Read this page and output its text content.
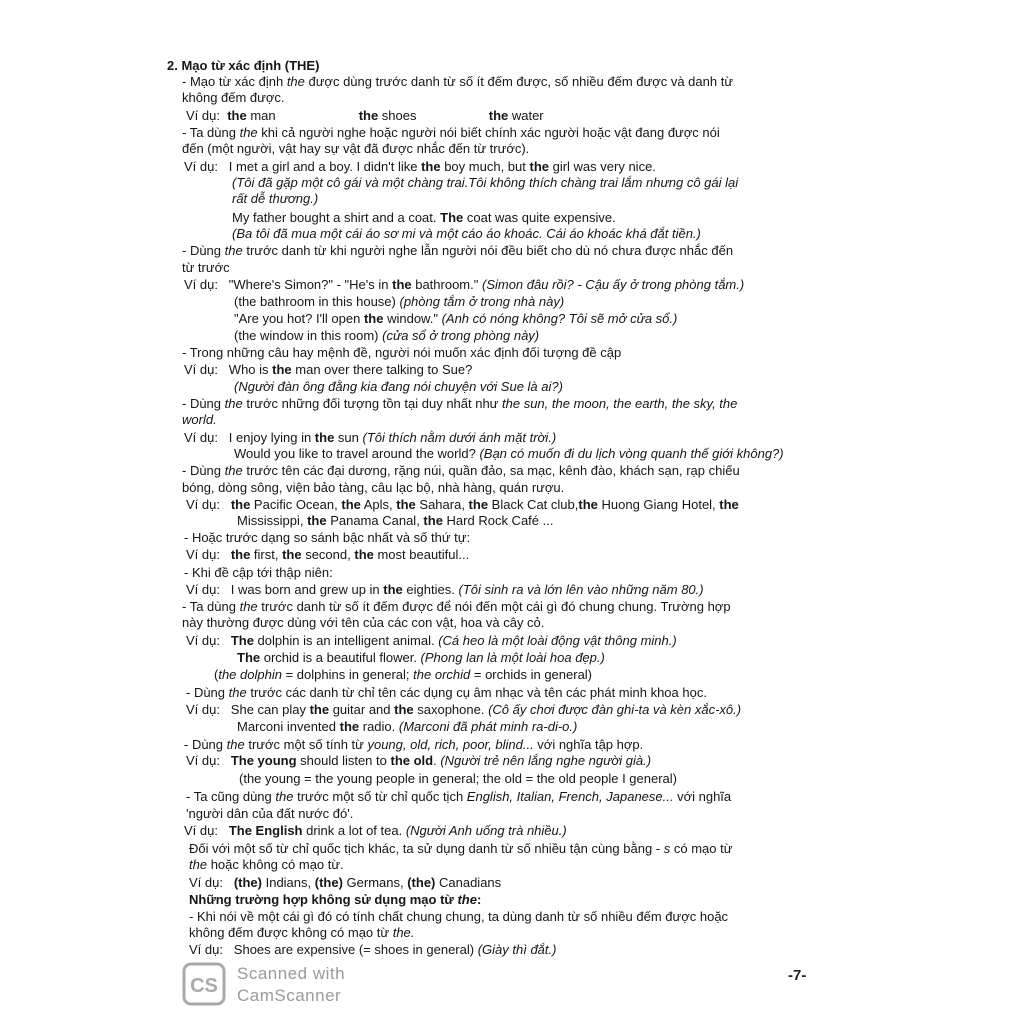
2. Mạo từ xác định (THE)
- Mạo từ xác định the được dùng trước danh từ số ít đếm được, số nhiều đếm được và danh từ
không đếm được.
Ví dụ:  the man                       the shoes                    the water
- Ta dùng the khi cả người nghe hoặc người nói biết chính xác người hoặc vật đang được nói
đến (một người, vật hay sự vật đã được nhắc đến từ trước).
Ví dụ:   I met a girl and a boy. I didn't like the boy much, but the girl was very nice.
(Tôi đã gặp một cô gái và một chàng trai.Tôi không thích chàng trai lắm nhưng cô gái lại
rất dễ thương.)
My father bought a shirt and a coat. The coat was quite expensive.
(Ba tôi đã mua một cái áo sơ mi và một cáo áo khoác. Cái áo khoác khá đắt tiền.)
- Dùng the trước danh từ khi người nghe lẫn người nói đều biết cho dù nó chưa được nhắc đến
từ trước
Ví dụ:   "Where's Simon?" - "He's in the bathroom." (Simon đâu rồi? - Cậu ấy ở trong phòng tắm.)
(the bathroom in this house) (phòng tắm ở trong nhà này)
"Are you hot? I'll open the window." (Anh có nóng không? Tôi sẽ mở cửa sổ.)
(the window in this room) (cửa sổ ở trong phòng này)
- Trong những câu hay mệnh đề, người nói muốn xác định đối tượng đề cập
Ví dụ:   Who is the man over there talking to Sue?
(Người đàn ông đằng kia đang nói chuyện với Sue là ai?)
- Dùng the trước những đối tượng tồn tại duy nhất như the sun, the moon, the earth, the sky, the
world.
Ví dụ:   I enjoy lying in the sun (Tôi thích nằm dưới ánh mặt trời.)
Would you like to travel around the world? (Bạn có muốn đi du lịch vòng quanh thế giới không?)
- Dùng the trước tên các đại dương, rặng núi, quần đảo, sa mạc, kênh đào, khách sạn, rạp chiếu
bóng, dòng sông, viện bảo tàng, câu lạc bộ, nhà hàng, quán rượu.
Ví dụ:   the Pacific Ocean, the Apls, the Sahara, the Black Cat club,the Huong Giang Hotel, the
Mississippi, the Panama Canal, the Hard Rock Café ...
- Hoặc trước dạng so sánh bậc nhất và số thứ tự:
Ví dụ:   the first, the second, the most beautiful...
- Khi đề cập tới thập niên:
Ví dụ:   I was born and grew up in the eighties. (Tôi sinh ra và lớn lên vào những năm 80.)
- Ta dùng the trước danh từ số ít đếm được để nói đến một cái gì đó chung chung. Trường hợp
này thường được dùng với tên của các con vật, hoa và cây cỏ.
Ví dụ:   The dolphin is an intelligent animal. (Cá heo là một loài động vật thông minh.)
The orchid is a beautiful flower. (Phong lan là một loài hoa đẹp.)
(the dolphin = dolphins in general; the orchid = orchids in general)
- Dùng the trước các danh từ chỉ tên các dụng cụ âm nhạc và tên các phát minh khoa học.
Ví dụ:   She can play the guitar and the saxophone. (Cô ấy chơi được đàn ghi-ta và kèn xắc-xô.)
Marconi invented the radio. (Marconi đã phát minh ra-di-o.)
- Dùng the trước một số tính từ young, old, rich, poor, blind... với nghĩa tập hợp.
Ví dụ:   The young should listen to the old. (Người trẻ nên lắng nghe người già.)
(the young = the young people in general; the old = the old people I general)
- Ta cũng dùng the trước một số từ chỉ quốc tịch English, Italian, French, Japanese... với nghĩa
'người dân của đất nước đó'.
Ví dụ:   The English drink a lot of tea. (Người Anh uống trà nhiều.)
Đối với một số từ chỉ quốc tịch khác, ta sử dụng danh từ số nhiều tận cùng bằng - s có mạo từ
the hoặc không có mạo từ.
Ví dụ:   (the) Indians, (the) Germans, (the) Canadians
Những trường hợp không sử dụng mạo từ the:
- Khi nói về một cái gì đó có tính chất chung chung, ta dùng danh từ số nhiều đếm được hoặc
không đếm được không có mạo từ the.
Ví dụ:   Shoes are expensive (= shoes in general) (Giày thì đắt.)
CS
Scanned with
CamScanner
-7-
